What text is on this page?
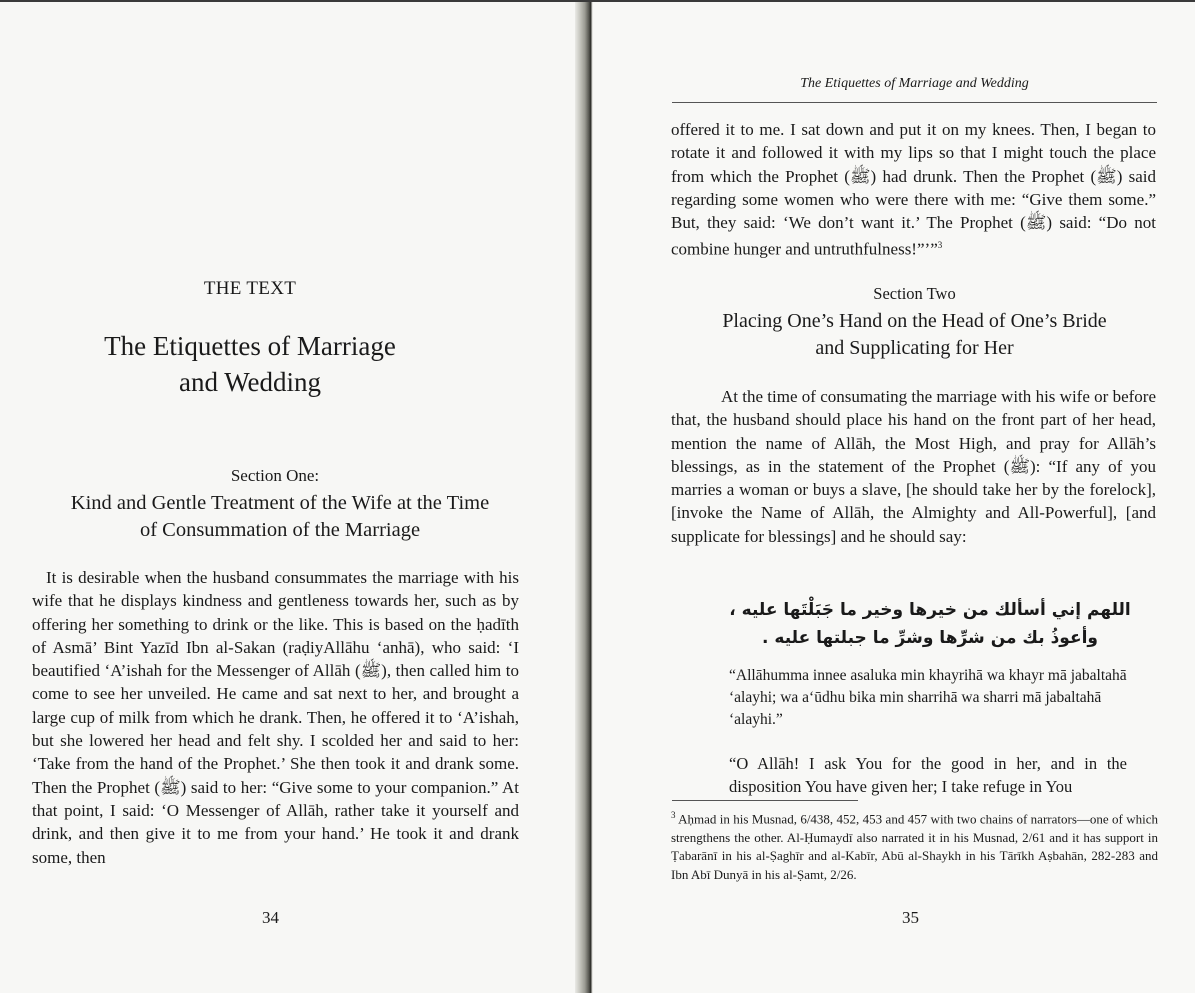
THE TEXT
The Etiquettes of Marriage
and Wedding
Section One:
Kind and Gentle Treatment of the Wife at the Time
of Consummation of the Marriage

It is desirable when the husband consummates the marriage with his wife that he displays kindness and gentleness towards her, such as by offering her something to drink or the like. This is based on the ḥadīth of Asmā’ Bint Yazīd Ibn al-Sakan (raḍiyAllāhu ‘anhā), who said: ‘I beautified ‘A’ishah for the Messenger of Allāh (ﷺ), then called him to come to see her unveiled. He came and sat next to her, and brought a large cup of milk from which he drank. Then, he offered it to ‘A’ishah, but she lowered her head and felt shy. I scolded her and said to her: ‘Take from the hand of the Prophet.’ She then took it and drank some. Then the Prophet (ﷺ) said to her: “Give some to your companion.” At that point, I said: ‘O Messenger of Allāh, rather take it yourself and drink, and then give it to me from your hand.’ He took it and drank some, then

34
The Etiquettes of Marriage and Wedding

offered it to me. I sat down and put it on my knees. Then, I began to rotate it and followed it with my lips so that I might touch the place from which the Prophet (ﷺ) had drunk. Then the Prophet (ﷺ) said regarding some women who were there with me: “Give them some.” But, they said: ‘We don’t want it.’ The Prophet (ﷺ) said: “Do not combine hunger and untruthfulness!”’”$^3$

Section Two
Placing One’s Hand on the Head of One’s Bride
and Supplicating for Her

At the time of consumating the marriage with his wife or before that, the husband should place his hand on the front part of her head, mention the name of Allāh, the Most High, and pray for Allāh’s blessings, as in the statement of the Prophet (ﷺ): “If any of you marries a woman or buys a slave, [he should take her by the forelock], [invoke the Name of Allāh, the Almighty and All-Powerful], [and supplicate for blessings] and he should say:

اللهم إني أسألك من خيرها وخير ما جَبَلْتَها عليه ،
وأعوذُ بك من شرِّها وشرِّ ما جبلتها عليه .
“Allāhumma innee asaluka min khayrihā wa khayr mā jabaltahā ‘alayhi; wa a‘ūdhu bika min sharrihā wa sharri mā jabaltahā ‘alayhi.”
“O Allāh! I ask You for the good in her, and in the disposition You have given her; I take refuge in You
$^3$ Aḥmad in his Musnad, 6/438, 452, 453 and 457 with two chains of narrators—one of which strengthens the other. Al-Ḥumaydī also narrated it in his Musnad, 2/61 and it has support in Ṭabarānī in his al-Ṣaghīr and al-Kabīr, Abū al-Shaykh in his Tārīkh Aṣbahān, 282-283 and Ibn Abī Dunyā in his al-Ṣamt, 2/26.
35
